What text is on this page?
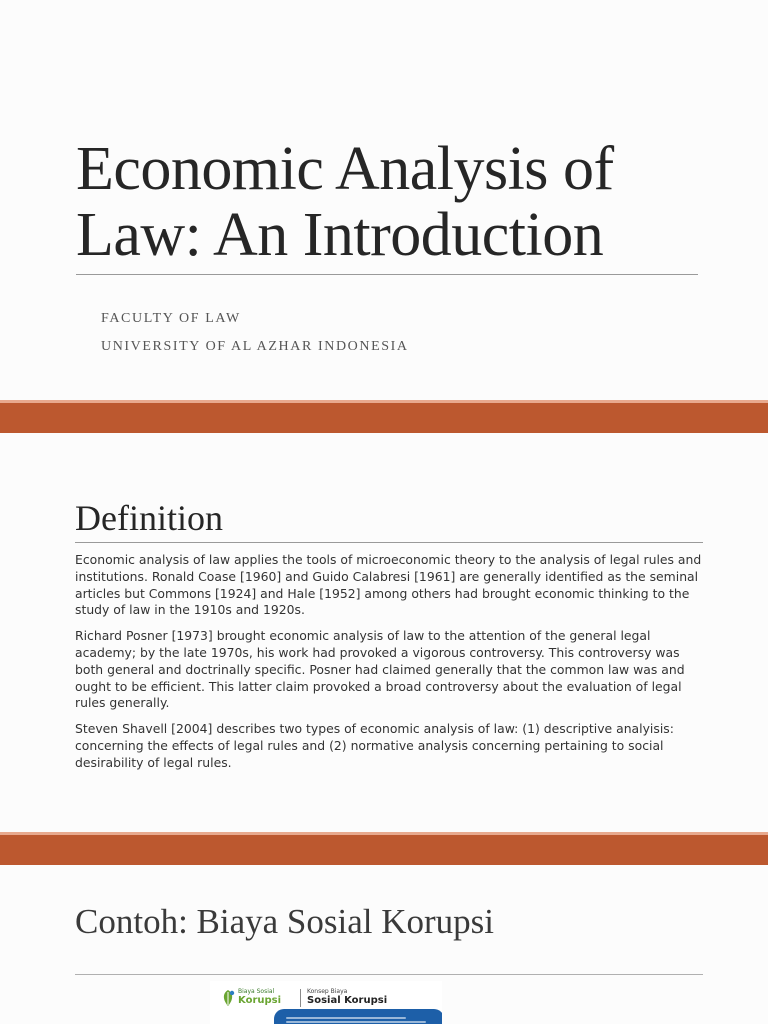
Economic Analysis of
Law: An Introduction
FACULTY OF LAW
UNIVERSITY OF AL AZHAR INDONESIA
Definition

Economic analysis of law applies the tools of microeconomic theory to the analysis of legal rules and institutions. Ronald Coase [1960] and Guido Calabresi [1961] are generally identified as the seminal articles but Commons [1924] and Hale [1952] among others had brought economic thinking to the study of law in the 1910s and 1920s.

Richard Posner [1973] brought economic analysis of law to the attention of the general legal academy; by the late 1970s, his work had provoked a vigorous controversy. This controversy was both general and doctrinally specific. Posner had claimed generally that the common law was and ought to be efficient. This latter claim provoked a broad controversy about the evaluation of legal rules generally.

Steven Shavell [2004] describes two types of economic analysis of law: (1) descriptive analyisis: concerning the effects of legal rules and (2) normative analysis concerning pertaining to social desirability of legal rules.

Contoh: Biaya Sosial Korupsi
Biaya Sosial
Korupsi
Konsep Biaya
Sosial Korupsi
